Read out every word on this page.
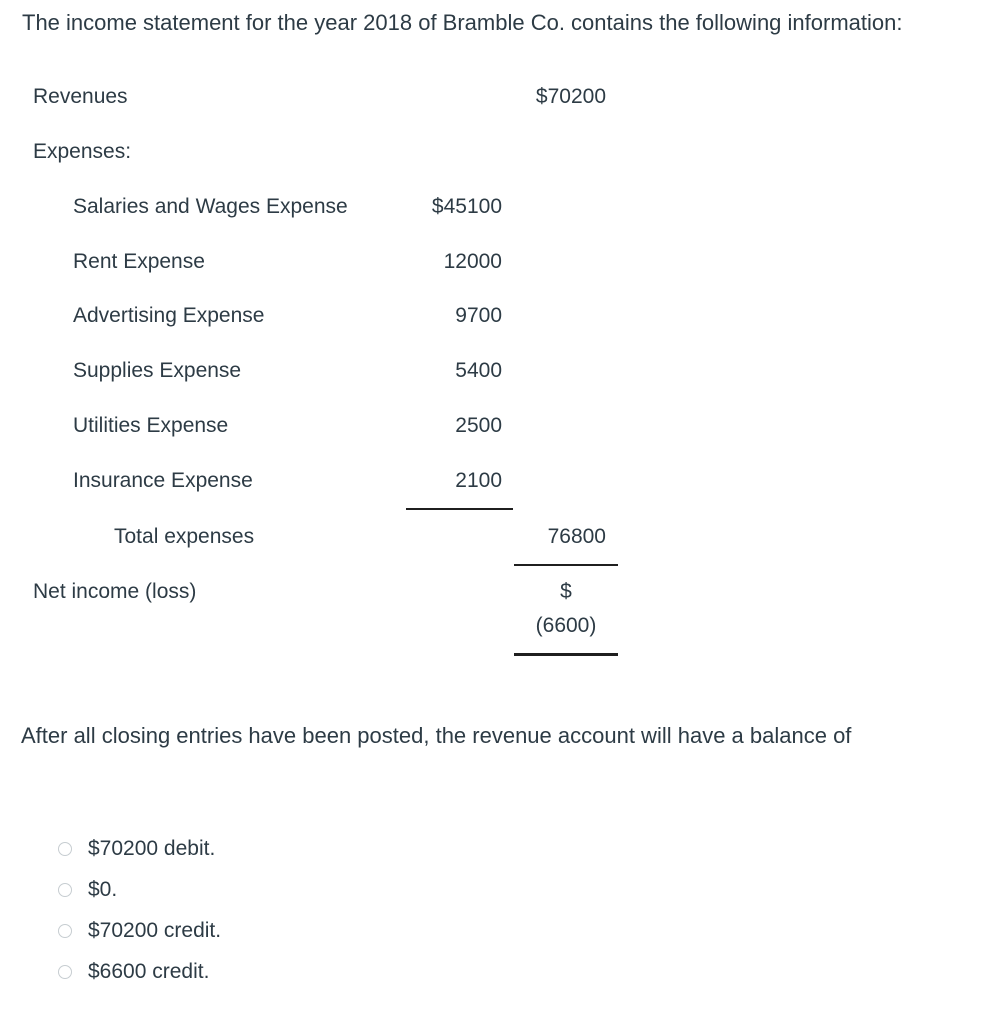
The income statement for the year 2018 of Bramble Co. contains the following information:
Revenues	$70200
Expenses:
Salaries and Wages Expense	$45100
Rent Expense	12000
Advertising Expense	9700
Supplies Expense	5400
Utilities Expense	2500
Insurance Expense	2100
Total expenses	76800
Net income (loss)	$
(6600)
After all closing entries have been posted, the revenue account will have a balance of
$70200 debit.
$0.
$70200 credit.
$6600 credit.
